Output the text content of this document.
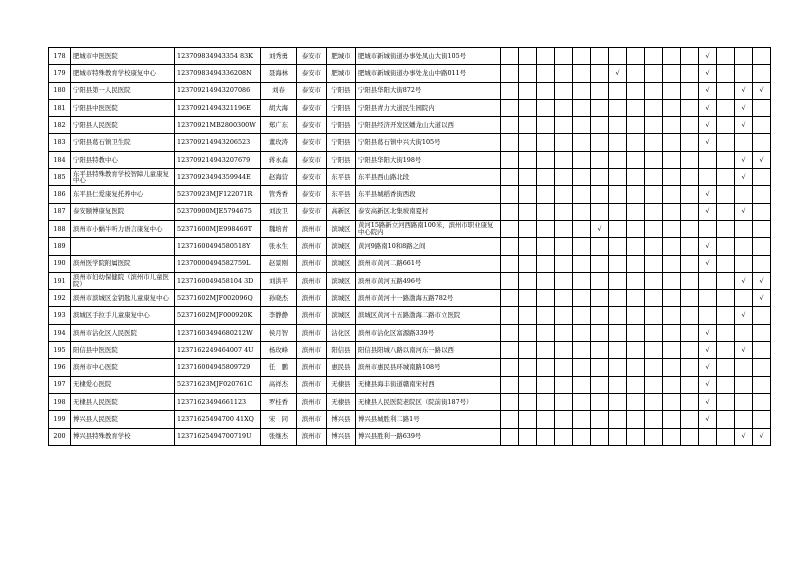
178	肥城市中医医院	123709834943354 83K	刘秀勇	泰安市	肥城市	肥城市新城街道办事处凤山大街105号												√			
179	肥城市特殊教育学校康复中心	12370983494336208N	聂海林	泰安市	肥城市	肥城市新城街道办事处龙山中路011号							√					√			
180	宁阳县第一人民医院	123709214943207086	刘春	泰安市	宁阳县	宁阳县华阳大街872号												√		√	√
181	宁阳县中医医院	12370921494321196E	胡大海	泰安市	宁阳县	宁阳县青力大道民生园院内												√		√	
182	宁阳县人民医院	12370921MB2800300W	郑广东	泰安市	宁阳县	宁阳县经济开发区蟠龙山大道以西												√		√	
183	宁阳县葛石镇卫生院	123709214943206523	董玫涛	泰安市	宁阳县	宁阳县葛石镇中兴大街105号												√			
184	宁阳县特教中心	123709214943207679	蒋永森	泰安市	宁阳县	宁阳县华阳大街198号														√	√
185	东平县特殊教育学校智障儿童康复中心	12370923494359944E	赵海营	泰安市	东平县	东平县西山路北段														√	
186	东平县仁爱康复托养中心	52370923MJF122071R	管秀香	泰安市	东平县	东平县城稻香街西段												√			
187	泰安颐博康复医院	52370900MJE5794675	刘汝卫	泰安市	高新区	泰安高新区北集坡南夏村												√		√	
188	滨州市小蜗牛听力语言康复中心	52371600MJE998469T	魏培青	滨州市	滨城区	黄河15路新立河西路南100米，滨州市职业康复中心院内						√									
189		12371600494580518Y	张永生	滨州市	滨城区	黄河9路南10和8路之间												√			
190	滨州医学院附属医院	12370000494582759L	赵景刚	滨州市	滨城区	滨州市黄河二路661号												√			
191	滨州市妇幼保健院（滨州市儿童医院）	1237160049458104 3D	刘洪平	滨州市	滨城区	滨州市黄河五路496号														√	√
192	滨州市滨城区金钥匙儿童康复中心	52371602MJF002096Q	孙晓杰	滨州市	滨城区	滨州市黄河十一路渤海五路782号															√
193	滨城区手拉手儿童康复中心	52371602MJF000920K	李静静	滨州市	滨城区	滨城区黄河十五路渤海二路市立医院														√	
194	滨州市沾化区人民医院	12371603494680212W	侯月智	滨州市	沾化区	滨州市沾化区富源路339号												√			
195	阳信县中医医院	1237162249464007 4U	杨玫峰	滨州市	阳信县	阳信县阳城八路以南河东一路以西												√		√	
196	滨州市中心医院	123716004945809729	任　鹏	滨州市	惠民县	滨州市惠民县环城南路108号												√			
197	无棣爱心医院	52371623MJF020761C	高祥杰	滨州市	无棣县	无棣县海丰街道赣南宋村西												√			
198	无棣县人民医院	12371623494661123	罗桂香	滨州市	无棣县	无棣县人民医院老院区（院前街187号）												√			
199	博兴县人民医院	12371625494700 41XQ	宋　同	滨州市	博兴县	博兴县城胜利二路1号												√			
200	博兴县特殊教育学校	12371625494700719U	张继杰	滨州市	博兴县	博兴县胜利一路639号														√	√
